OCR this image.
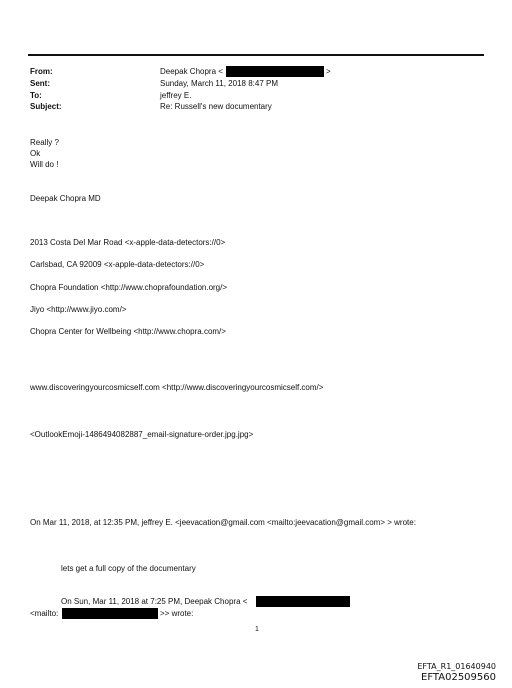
From:
Sent:
To:
Subject:
Deepak Chopra <	>
Sunday, March 11, 2018 8:47 PM
jeffrey E.
Re: Russell's new documentary
Really ?
Ok
Will do !
Deepak Chopra MD
2013 Costa Del Mar Road <x-apple-data-detectors://0>
Carlsbad, CA 92009 <x-apple-data-detectors://0>
Chopra Foundation <http://www.choprafoundation.org/>
Jiyo <http://www.jiyo.com/>
Chopra Center for Wellbeing <http://www.chopra.com/>
www.discoveringyourcosmicself.com <http://www.discoveringyourcosmicself.com/>
<OutlookEmoji-1486494082887_email-signature-order.jpg.jpg>
On Mar 11, 2018, at 12:35 PM, jeffrey E. <jeevacation@gmail.com <mailto:jeevacation@gmail.com> > wrote:
lets get a full copy of the documentary
On Sun, Mar 11, 2018 at 7:25 PM, Deepak Chopra <
<mailto:	>> wrote:
1
EFTA_R1_01640940
EFTA02509560
